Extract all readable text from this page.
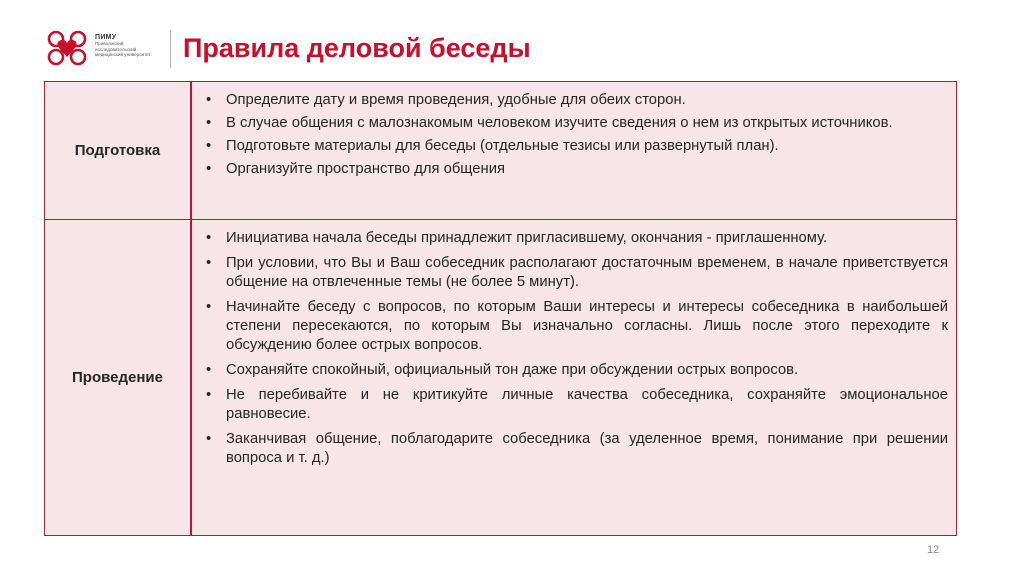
ПИМУ
Приволжский
исследовательский
медицинский университет	Правила деловой беседы
Подготовка
• Определите дату и время проведения, удобные для обеих сторон.
• В случае общения с малознакомым человеком изучите сведения о нем из открытых источников.
• Подготовьте материалы для беседы (отдельные тезисы или развернутый план).
• Организуйте пространство для общения
Проведение
• Инициатива начала беседы принадлежит пригласившему, окончания - приглашенному.
• При условии, что Вы и Ваш собеседник располагают достаточным временем, в начале приветствуется общение на отвлеченные темы (не более 5 минут).
• Начинайте беседу с вопросов, по которым Ваши интересы и интересы собеседника в наибольшей степени пересекаются, по которым Вы изначально согласны. Лишь после этого переходите к обсуждению более острых вопросов.
• Сохраняйте спокойный, официальный тон даже при обсуждении острых вопросов.
• Не перебивайте и не критикуйте личные качества собеседника, сохраняйте эмоциональное равновесие.
• Заканчивая общение, поблагодарите собеседника (за уделенное время, понимание при решении вопроса и т. д.)
12
